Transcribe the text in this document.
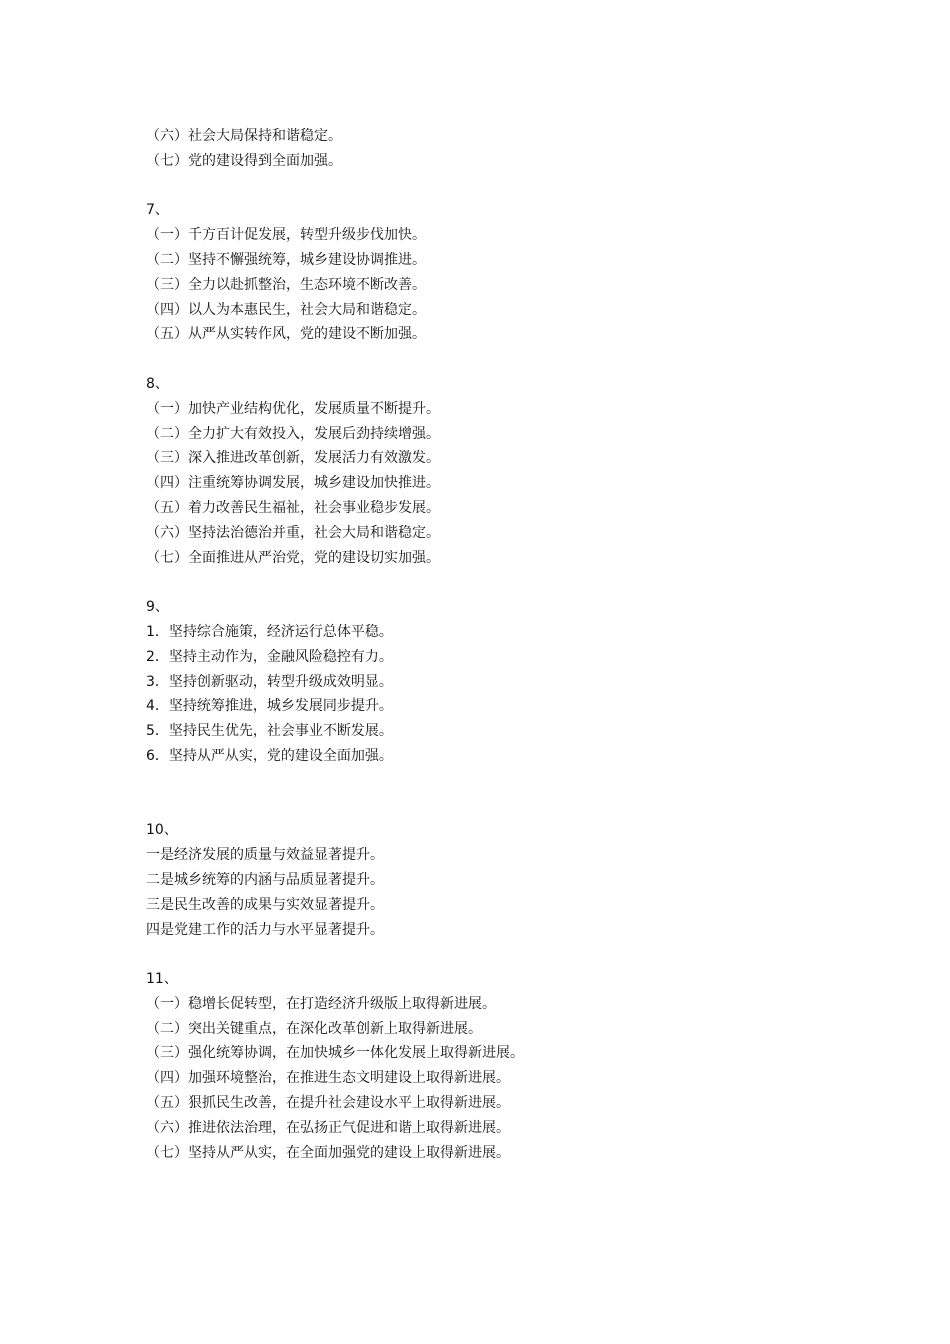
（六）社会大局保持和谐稳定。
（七）党的建设得到全面加强。
7、
（一）千方百计促发展，转型升级步伐加快。
（二）坚持不懈强统筹，城乡建设协调推进。
（三）全力以赴抓整治，生态环境不断改善。
（四）以人为本惠民生，社会大局和谐稳定。
（五）从严从实转作风，党的建设不断加强。
8、
（一）加快产业结构优化，发展质量不断提升。
（二）全力扩大有效投入，发展后劲持续增强。
（三）深入推进改革创新，发展活力有效激发。
（四）注重统筹协调发展，城乡建设加快推进。
（五）着力改善民生福祉，社会事业稳步发展。
（六）坚持法治德治并重，社会大局和谐稳定。
（七）全面推进从严治党，党的建设切实加强。
9、
1．坚持综合施策，经济运行总体平稳。
2．坚持主动作为，金融风险稳控有力。
3．坚持创新驱动，转型升级成效明显。
4．坚持统筹推进，城乡发展同步提升。
5．坚持民生优先，社会事业不断发展。
6．坚持从严从实，党的建设全面加强。
10、
一是经济发展的质量与效益显著提升。
二是城乡统筹的内涵与品质显著提升。
三是民生改善的成果与实效显著提升。
四是党建工作的活力与水平显著提升。
11、
（一）稳增长促转型，在打造经济升级版上取得新进展。
（二）突出关键重点，在深化改革创新上取得新进展。
（三）强化统筹协调，在加快城乡一体化发展上取得新进展。
（四）加强环境整治，在推进生态文明建设上取得新进展。
（五）狠抓民生改善，在提升社会建设水平上取得新进展。
（六）推进依法治理，在弘扬正气促进和谐上取得新进展。
（七）坚持从严从实，在全面加强党的建设上取得新进展。
